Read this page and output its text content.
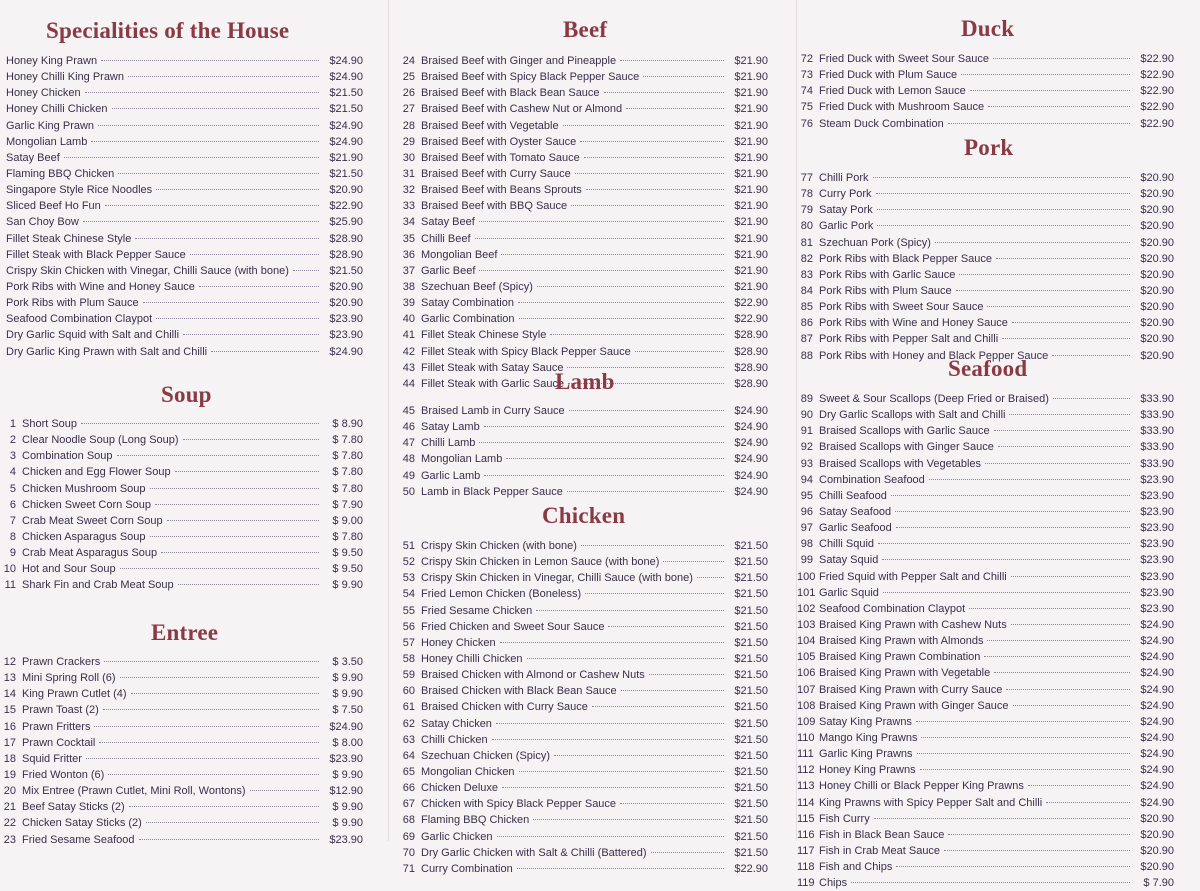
Specialities of the House
Honey King Prawn	$24.90
Honey Chilli King Prawn	$24.90
Honey Chicken	$21.50
Honey Chilli Chicken	$21.50
Garlic King Prawn	$24.90
Mongolian Lamb	$24.90
Satay Beef	$21.90
Flaming BBQ Chicken	$21.50
Singapore Style Rice Noodles	$20.90
Sliced Beef Ho Fun	$22.90
San Choy Bow	$25.90
Fillet Steak Chinese Style	$28.90
Fillet Steak with Black Pepper Sauce	$28.90
Crispy Skin Chicken with Vinegar, Chilli Sauce (with bone)	$21.50
Pork Ribs with Wine and Honey Sauce	$20.90
Pork Ribs with Plum Sauce	$20.90
Seafood Combination Claypot	$23.90
Dry Garlic Squid with Salt and Chilli	$23.90
Dry Garlic King Prawn with Salt and Chilli	$24.90
Soup
1 Short Soup	$ 8.90
2 Clear Noodle Soup (Long Soup)	$ 7.80
3 Combination Soup	$ 7.80
4 Chicken and Egg Flower Soup	$ 7.80
5 Chicken Mushroom Soup	$ 7.80
6 Chicken Sweet Corn Soup	$ 7.90
7 Crab Meat Sweet Corn Soup	$ 9.00
8 Chicken Asparagus Soup	$ 7.80
9 Crab Meat Asparagus Soup	$ 9.50
10 Hot and Sour Soup	$ 9.50
11 Shark Fin and Crab Meat Soup	$ 9.90
Entree
12 Prawn Crackers	$ 3.50
13 Mini Spring Roll (6)	$ 9.90
14 King Prawn Cutlet (4)	$ 9.90
15 Prawn Toast (2)	$ 7.50
16 Prawn Fritters	$24.90
17 Prawn Cocktail	$ 8.00
18 Squid Fritter	$23.90
19 Fried Wonton (6)	$ 9.90
20 Mix Entree (Prawn Cutlet, Mini Roll, Wontons)	$12.90
21 Beef Satay Sticks (2)	$ 9.90
22 Chicken Satay Sticks (2)	$ 9.90
23 Fried Sesame Seafood	$23.90
Beef
24 Braised Beef with Ginger and Pineapple	$21.90
25 Braised Beef with Spicy Black Pepper Sauce	$21.90
26 Braised Beef with Black Bean Sauce	$21.90
27 Braised Beef with Cashew Nut or Almond	$21.90
28 Braised Beef with Vegetable	$21.90
29 Braised Beef with Oyster Sauce	$21.90
30 Braised Beef with Tomato Sauce	$21.90
31 Braised Beef with Curry Sauce	$21.90
32 Braised Beef with Beans Sprouts	$21.90
33 Braised Beef with BBQ Sauce	$21.90
34 Satay Beef	$21.90
35 Chilli Beef	$21.90
36 Mongolian Beef	$21.90
37 Garlic Beef	$21.90
38 Szechuan Beef (Spicy)	$21.90
39 Satay Combination	$22.90
40 Garlic Combination	$22.90
41 Fillet Steak Chinese Style	$28.90
42 Fillet Steak with Spicy Black Pepper Sauce	$28.90
43 Fillet Steak with Satay Sauce	$28.90
44 Fillet Steak with Garlic Sauce	$28.90
Lamb
45 Braised Lamb in Curry Sauce	$24.90
46 Satay Lamb	$24.90
47 Chilli Lamb	$24.90
48 Mongolian Lamb	$24.90
49 Garlic Lamb	$24.90
50 Lamb in Black Pepper Sauce	$24.90
Chicken
51 Crispy Skin Chicken (with bone)	$21.50
52 Crispy Skin Chicken in Lemon Sauce (with bone)	$21.50
53 Crispy Skin Chicken in Vinegar, Chilli Sauce (with bone)	$21.50
54 Fried Lemon Chicken (Boneless)	$21.50
55 Fried Sesame Chicken	$21.50
56 Fried Chicken and Sweet Sour Sauce	$21.50
57 Honey Chicken	$21.50
58 Honey Chilli Chicken	$21.50
59 Braised Chicken with Almond or Cashew Nuts	$21.50
60 Braised Chicken with Black Bean Sauce	$21.50
61 Braised Chicken with Curry Sauce	$21.50
62 Satay Chicken	$21.50
63 Chilli Chicken	$21.50
64 Szechuan Chicken (Spicy)	$21.50
65 Mongolian Chicken	$21.50
66 Chicken Deluxe	$21.50
67 Chicken with Spicy Black Pepper Sauce	$21.50
68 Flaming BBQ Chicken	$21.50
69 Garlic Chicken	$21.50
70 Dry Garlic Chicken with Salt & Chilli (Battered)	$21.50
71 Curry Combination	$22.90
Duck
72 Fried Duck with Sweet Sour Sauce	$22.90
73 Fried Duck with Plum Sauce	$22.90
74 Fried Duck with Lemon Sauce	$22.90
75 Fried Duck with Mushroom Sauce	$22.90
76 Steam Duck Combination	$22.90
Pork
77 Chilli Pork	$20.90
78 Curry Pork	$20.90
79 Satay Pork	$20.90
80 Garlic Pork	$20.90
81 Szechuan Pork (Spicy)	$20.90
82 Pork Ribs with Black Pepper Sauce	$20.90
83 Pork Ribs with Garlic Sauce	$20.90
84 Pork Ribs with Plum Sauce	$20.90
85 Pork Ribs with Sweet Sour Sauce	$20.90
86 Pork Ribs with Wine and Honey Sauce	$20.90
87 Pork Ribs with Pepper Salt and Chilli	$20.90
88 Pork Ribs with Honey and Black Pepper Sauce	$20.90
Seafood
89 Sweet & Sour Scallops (Deep Fried or Braised)	$33.90
90 Dry Garlic Scallops with Salt and Chilli	$33.90
91 Braised Scallops with Garlic Sauce	$33.90
92 Braised Scallops with Ginger Sauce	$33.90
93 Braised Scallops with Vegetables	$33.90
94 Combination Seafood	$23.90
95 Chilli Seafood	$23.90
96 Satay Seafood	$23.90
97 Garlic Seafood	$23.90
98 Chilli Squid	$23.90
99 Satay Squid	$23.90
100 Fried Squid with Pepper Salt and Chilli	$23.90
101 Garlic Squid	$23.90
102 Seafood Combination Claypot	$23.90
103 Braised King Prawn with Cashew Nuts	$24.90
104 Braised King Prawn with Almonds	$24.90
105 Braised King Prawn Combination	$24.90
106 Braised King Prawn with Vegetable	$24.90
107 Braised King Prawn with Curry Sauce	$24.90
108 Braised King Prawn with Ginger Sauce	$24.90
109 Satay King Prawns	$24.90
110 Mango King Prawns	$24.90
111 Garlic King Prawns	$24.90
112 Honey King Prawns	$24.90
113 Honey Chilli or Black Pepper King Prawns	$24.90
114 King Prawns with Spicy Pepper Salt and Chilli	$24.90
115 Fish Curry	$20.90
116 Fish in Black Bean Sauce	$20.90
117 Fish in Crab Meat Sauce	$20.90
118 Fish and Chips	$20.90
119 Chips	$ 7.90
